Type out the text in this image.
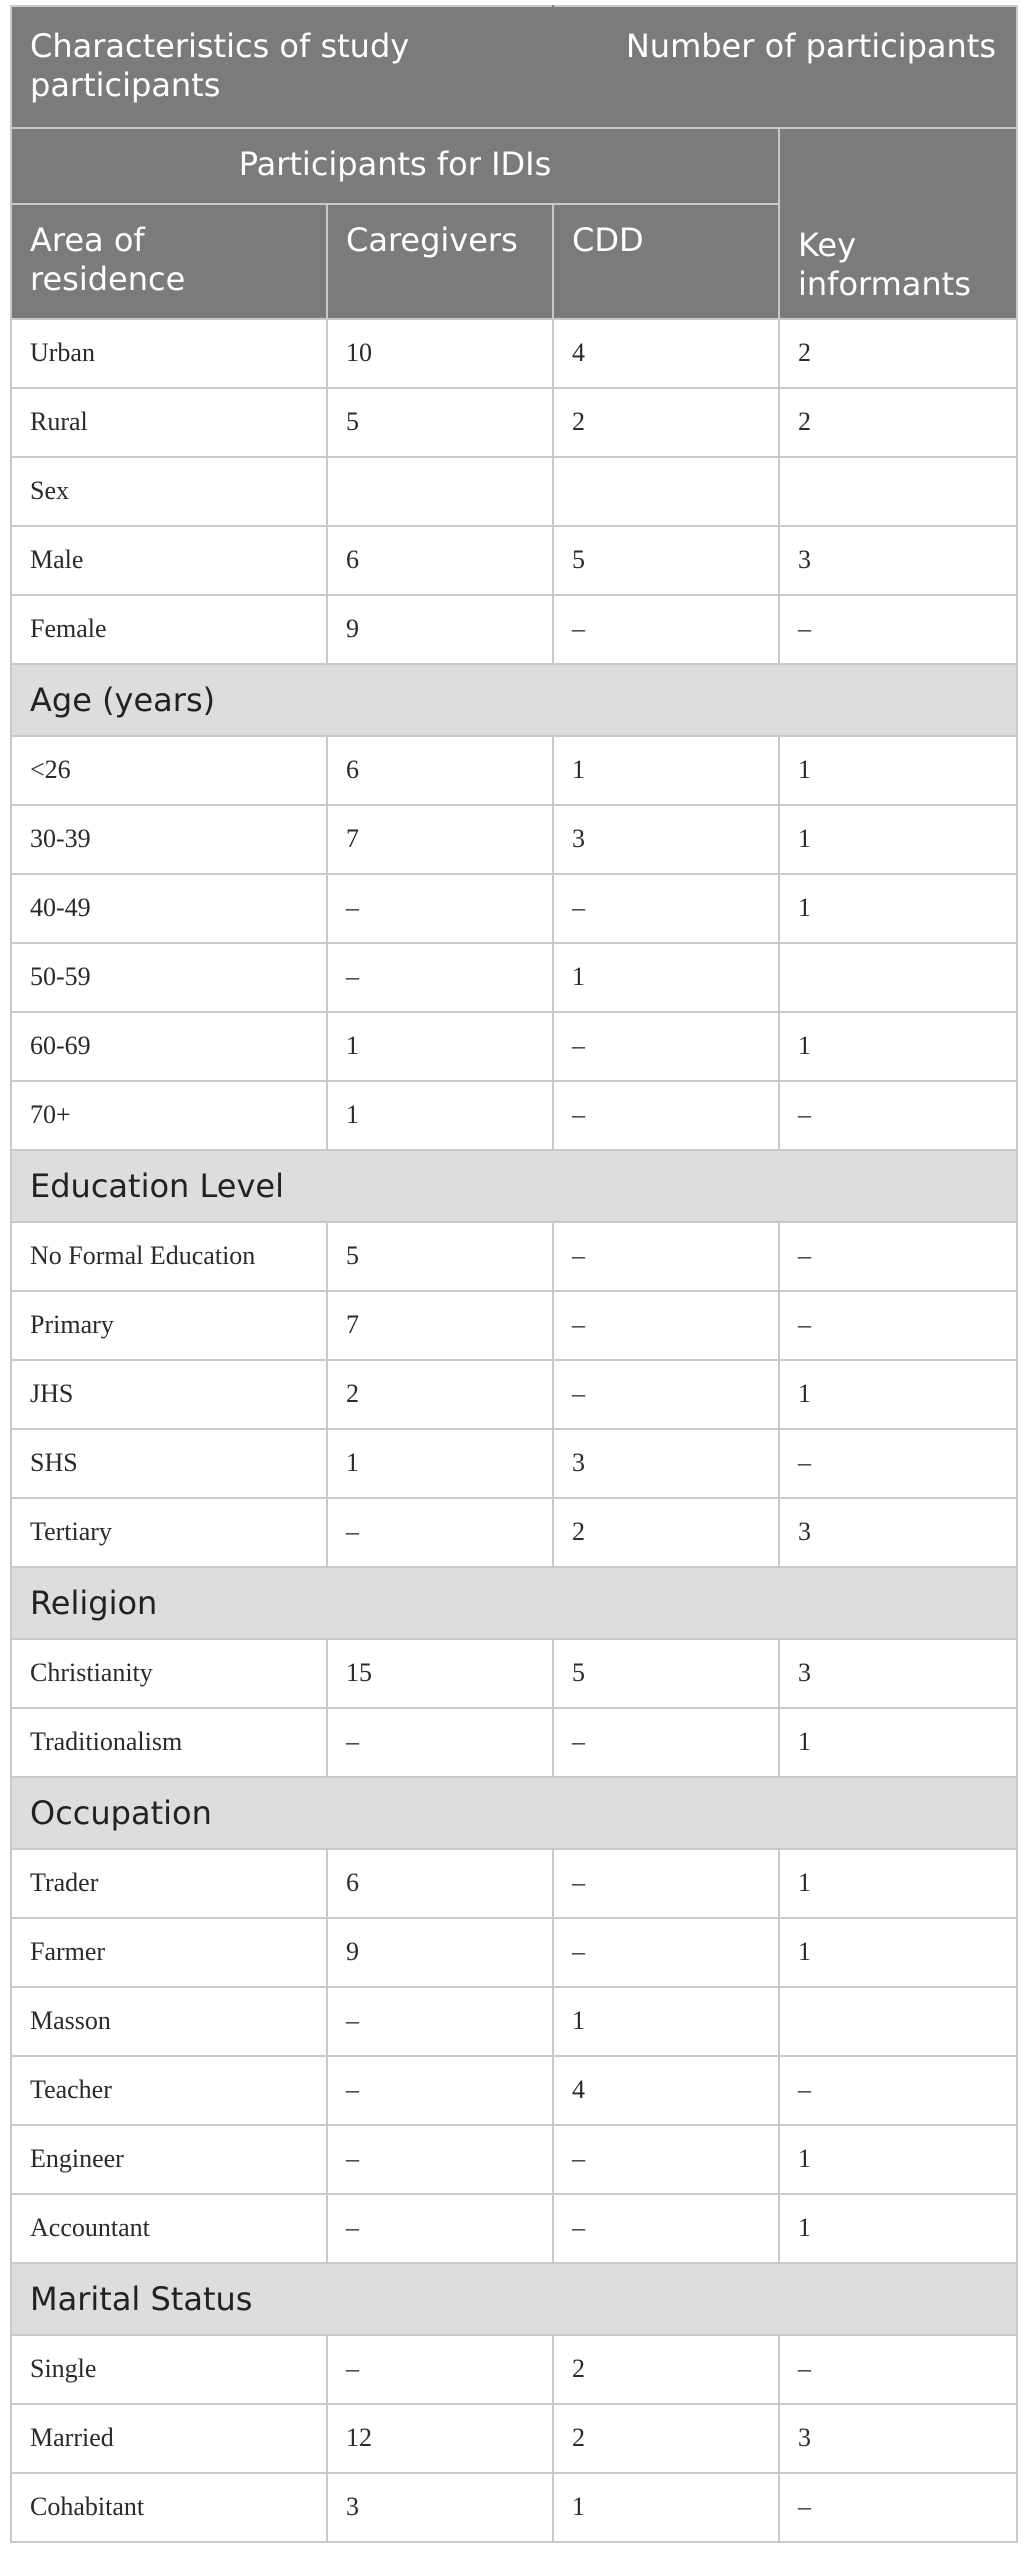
Characteristics of study participants		Number of participants	
Participants for IDIs			Key informants
Area of residence	Caregivers	CDD	
Urban	10	4	2
Rural	5	2	2
Sex			
Male	6	5	3
Female	9	–	–
Age (years)			
<26	6	1	1
30-39	7	3	1
40-49	–	–	1
50-59	–	1	
60-69	1	–	1
70+	1	–	–
Education Level			
No Formal Education	5	–	–
Primary	7	–	–
JHS	2	–	1
SHS	1	3	–
Tertiary	–	2	3
Religion			
Christianity	15	5	3
Traditionalism	–	–	1
Occupation			
Trader	6	–	1
Farmer	9	–	1
Masson	–	1	
Teacher	–	4	–
Engineer	–	–	1
Accountant	–	–	1
Marital Status			
Single	–	2	–
Married	12	2	3
Cohabitant	3	1	–
